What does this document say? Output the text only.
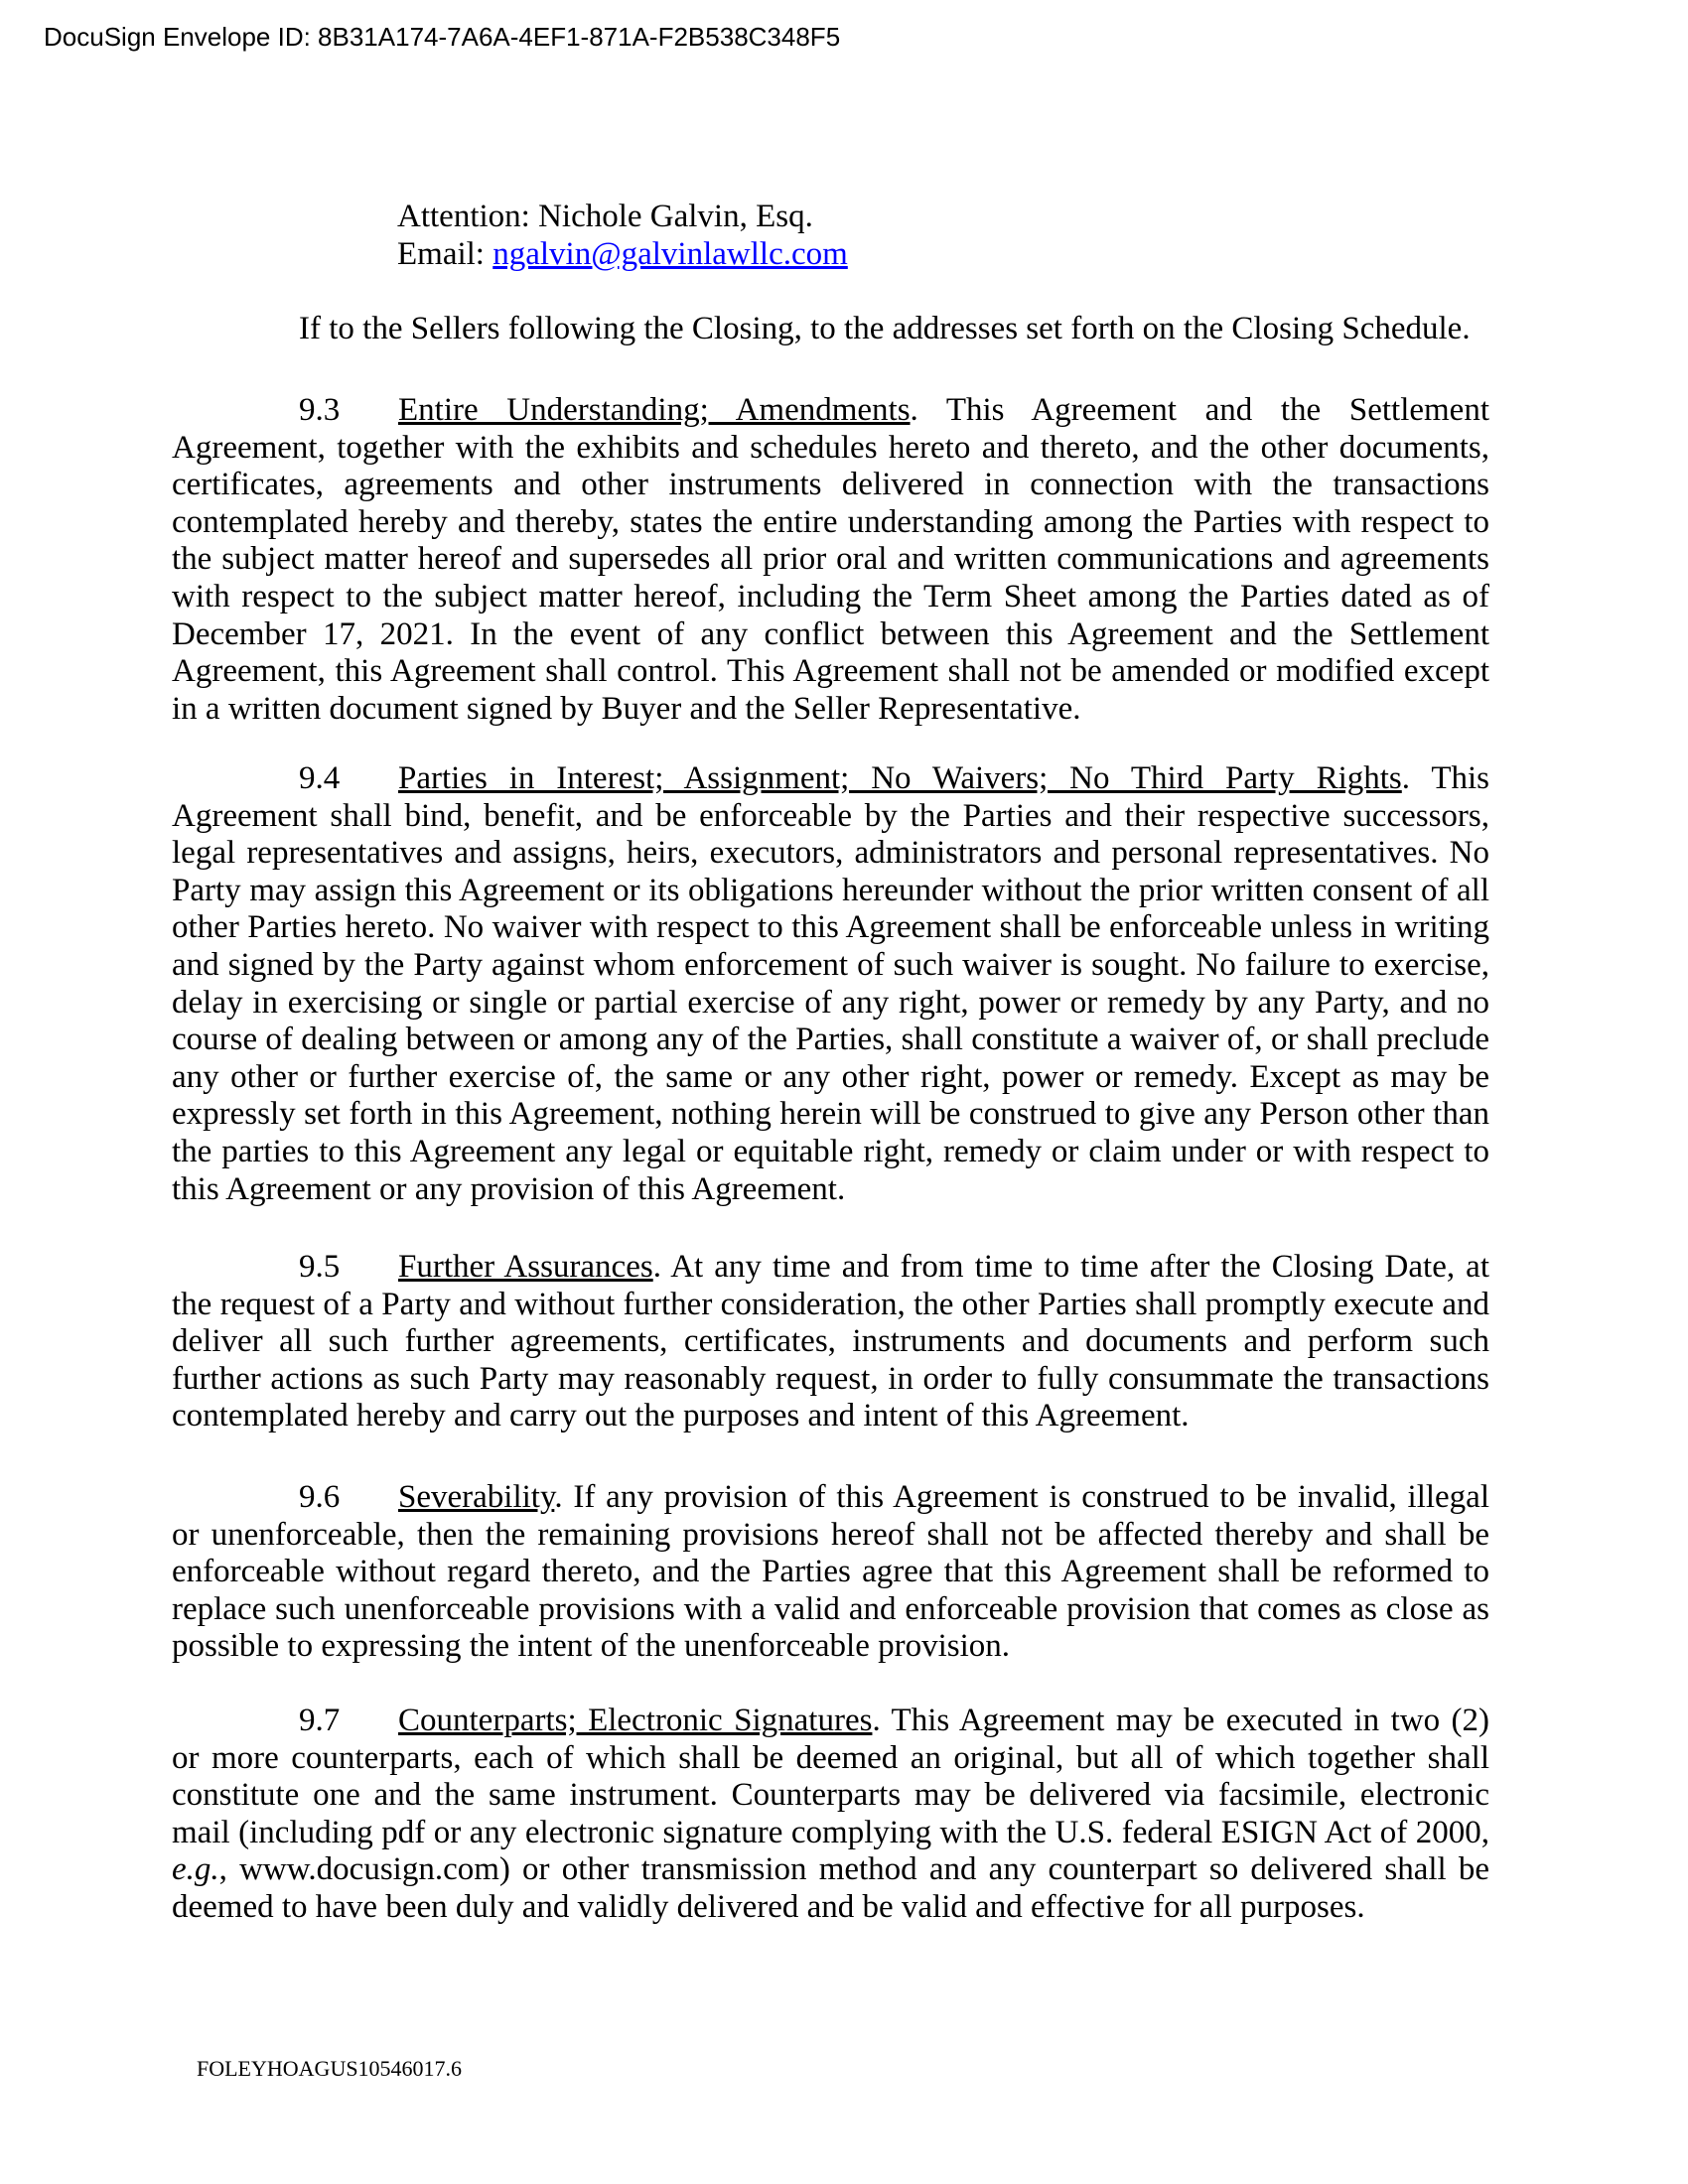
DocuSign Envelope ID: 8B31A174-7A6A-4EF1-871A-F2B538C348F5
Attention: Nichole Galvin, Esq.
Email: ngalvin@galvinlawllc.com

If to the Sellers following the Closing, to the addresses set forth on the Closing Schedule.

9.3 Entire Understanding; Amendments. This Agreement and the Settlement Agreement, together with the exhibits and schedules hereto and thereto, and the other documents, certificates, agreements and other instruments delivered in connection with the transactions contemplated hereby and thereby, states the entire understanding among the Parties with respect to the subject matter hereof and supersedes all prior oral and written communications and agreements with respect to the subject matter hereof, including the Term Sheet among the Parties dated as of December 17, 2021. In the event of any conflict between this Agreement and the Settlement Agreement, this Agreement shall control. This Agreement shall not be amended or modified except in a written document signed by Buyer and the Seller Representative.

9.4 Parties in Interest; Assignment; No Waivers; No Third Party Rights. This Agreement shall bind, benefit, and be enforceable by the Parties and their respective successors, legal representatives and assigns, heirs, executors, administrators and personal representatives. No Party may assign this Agreement or its obligations hereunder without the prior written consent of all other Parties hereto. No waiver with respect to this Agreement shall be enforceable unless in writing and signed by the Party against whom enforcement of such waiver is sought. No failure to exercise, delay in exercising or single or partial exercise of any right, power or remedy by any Party, and no course of dealing between or among any of the Parties, shall constitute a waiver of, or shall preclude any other or further exercise of, the same or any other right, power or remedy. Except as may be expressly set forth in this Agreement, nothing herein will be construed to give any Person other than the parties to this Agreement any legal or equitable right, remedy or claim under or with respect to this Agreement or any provision of this Agreement.

9.5 Further Assurances. At any time and from time to time after the Closing Date, at the request of a Party and without further consideration, the other Parties shall promptly execute and deliver all such further agreements, certificates, instruments and documents and perform such further actions as such Party may reasonably request, in order to fully consummate the transactions contemplated hereby and carry out the purposes and intent of this Agreement.

9.6 Severability. If any provision of this Agreement is construed to be invalid, illegal or unenforceable, then the remaining provisions hereof shall not be affected thereby and shall be enforceable without regard thereto, and the Parties agree that this Agreement shall be reformed to replace such unenforceable provisions with a valid and enforceable provision that comes as close as possible to expressing the intent of the unenforceable provision.

9.7 Counterparts; Electronic Signatures. This Agreement may be executed in two (2) or more counterparts, each of which shall be deemed an original, but all of which together shall constitute one and the same instrument. Counterparts may be delivered via facsimile, electronic mail (including pdf or any electronic signature complying with the U.S. federal ESIGN Act of 2000, e.g., www.docusign.com) or other transmission method and any counterpart so delivered shall be deemed to have been duly and validly delivered and be valid and effective for all purposes.

FOLEYHOAGUS10546017.6
